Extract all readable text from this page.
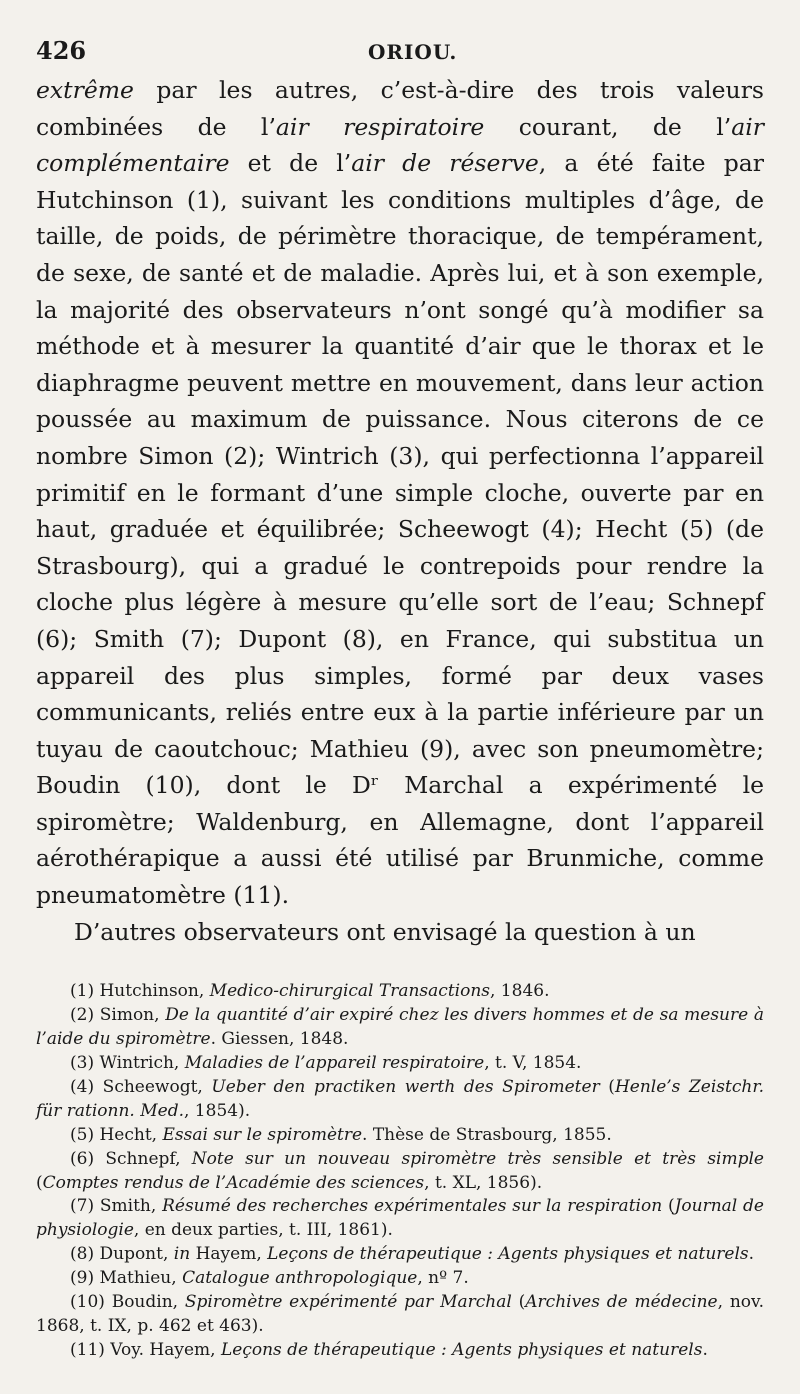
426	ORIOU.

extrême par les autres, c’est-à-dire des trois valeurs combinées de l’air respiratoire courant, de l’air complémentaire et de l’air de réserve, a été faite par Hutchinson (1), suivant les conditions multiples d’âge, de taille, de poids, de périmètre thoracique, de tempérament, de sexe, de santé et de maladie. Après lui, et à son exemple, la majorité des observateurs n’ont songé qu’à modifier sa méthode et à mesurer la quantité d’air que le thorax et le diaphragme peuvent mettre en mouvement, dans leur action poussée au maximum de puissance. Nous citerons de ce nombre Simon (2); Wintrich (3), qui perfectionna l’appareil primitif en le formant d’une simple cloche, ouverte par en haut, graduée et équilibrée; Scheewogt (4); Hecht (5) (de Strasbourg), qui a gradué le contrepoids pour rendre la cloche plus légère à mesure qu’elle sort de l’eau; Schnepf (6); Smith (7); Dupont (8), en France, qui substitua un appareil des plus simples, formé par deux vases communicants, reliés entre eux à la partie inférieure par un tuyau de caoutchouc; Mathieu (9), avec son pneumomètre; Boudin (10), dont le Dʳ Marchal a expérimenté le spiromètre; Waldenburg, en Allemagne, dont l’appareil aérothérapique a aussi été utilisé par Brunmiche, comme pneumatomètre (11).

D’autres observateurs ont envisagé la question à un

(1) Hutchinson, Medico-chirurgical Transactions, 1846.

(2) Simon, De la quantité d’air expiré chez les divers hommes et de sa mesure à l’aide du spiromètre. Giessen, 1848.

(3) Wintrich, Maladies de l’appareil respiratoire, t. V, 1854.

(4) Scheewogt, Ueber den practiken werth des Spirometer (Henle’s Zeistchr. für rationn. Med., 1854).

(5) Hecht, Essai sur le spiromètre. Thèse de Strasbourg, 1855.

(6) Schnepf, Note sur un nouveau spiromètre très sensible et très simple (Comptes rendus de l’Académie des sciences, t. XL, 1856).

(7) Smith, Résumé des recherches expérimentales sur la respiration (Journal de physiologie, en deux parties, t. III, 1861).

(8) Dupont, in Hayem, Leçons de thérapeutique : Agents physiques et naturels.

(9) Mathieu, Catalogue anthropologique, nº 7.

(10) Boudin, Spiromètre expérimenté par Marchal (Archives de médecine, nov. 1868, t. IX, p. 462 et 463).

(11) Voy. Hayem, Leçons de thérapeutique : Agents physiques et naturels.
